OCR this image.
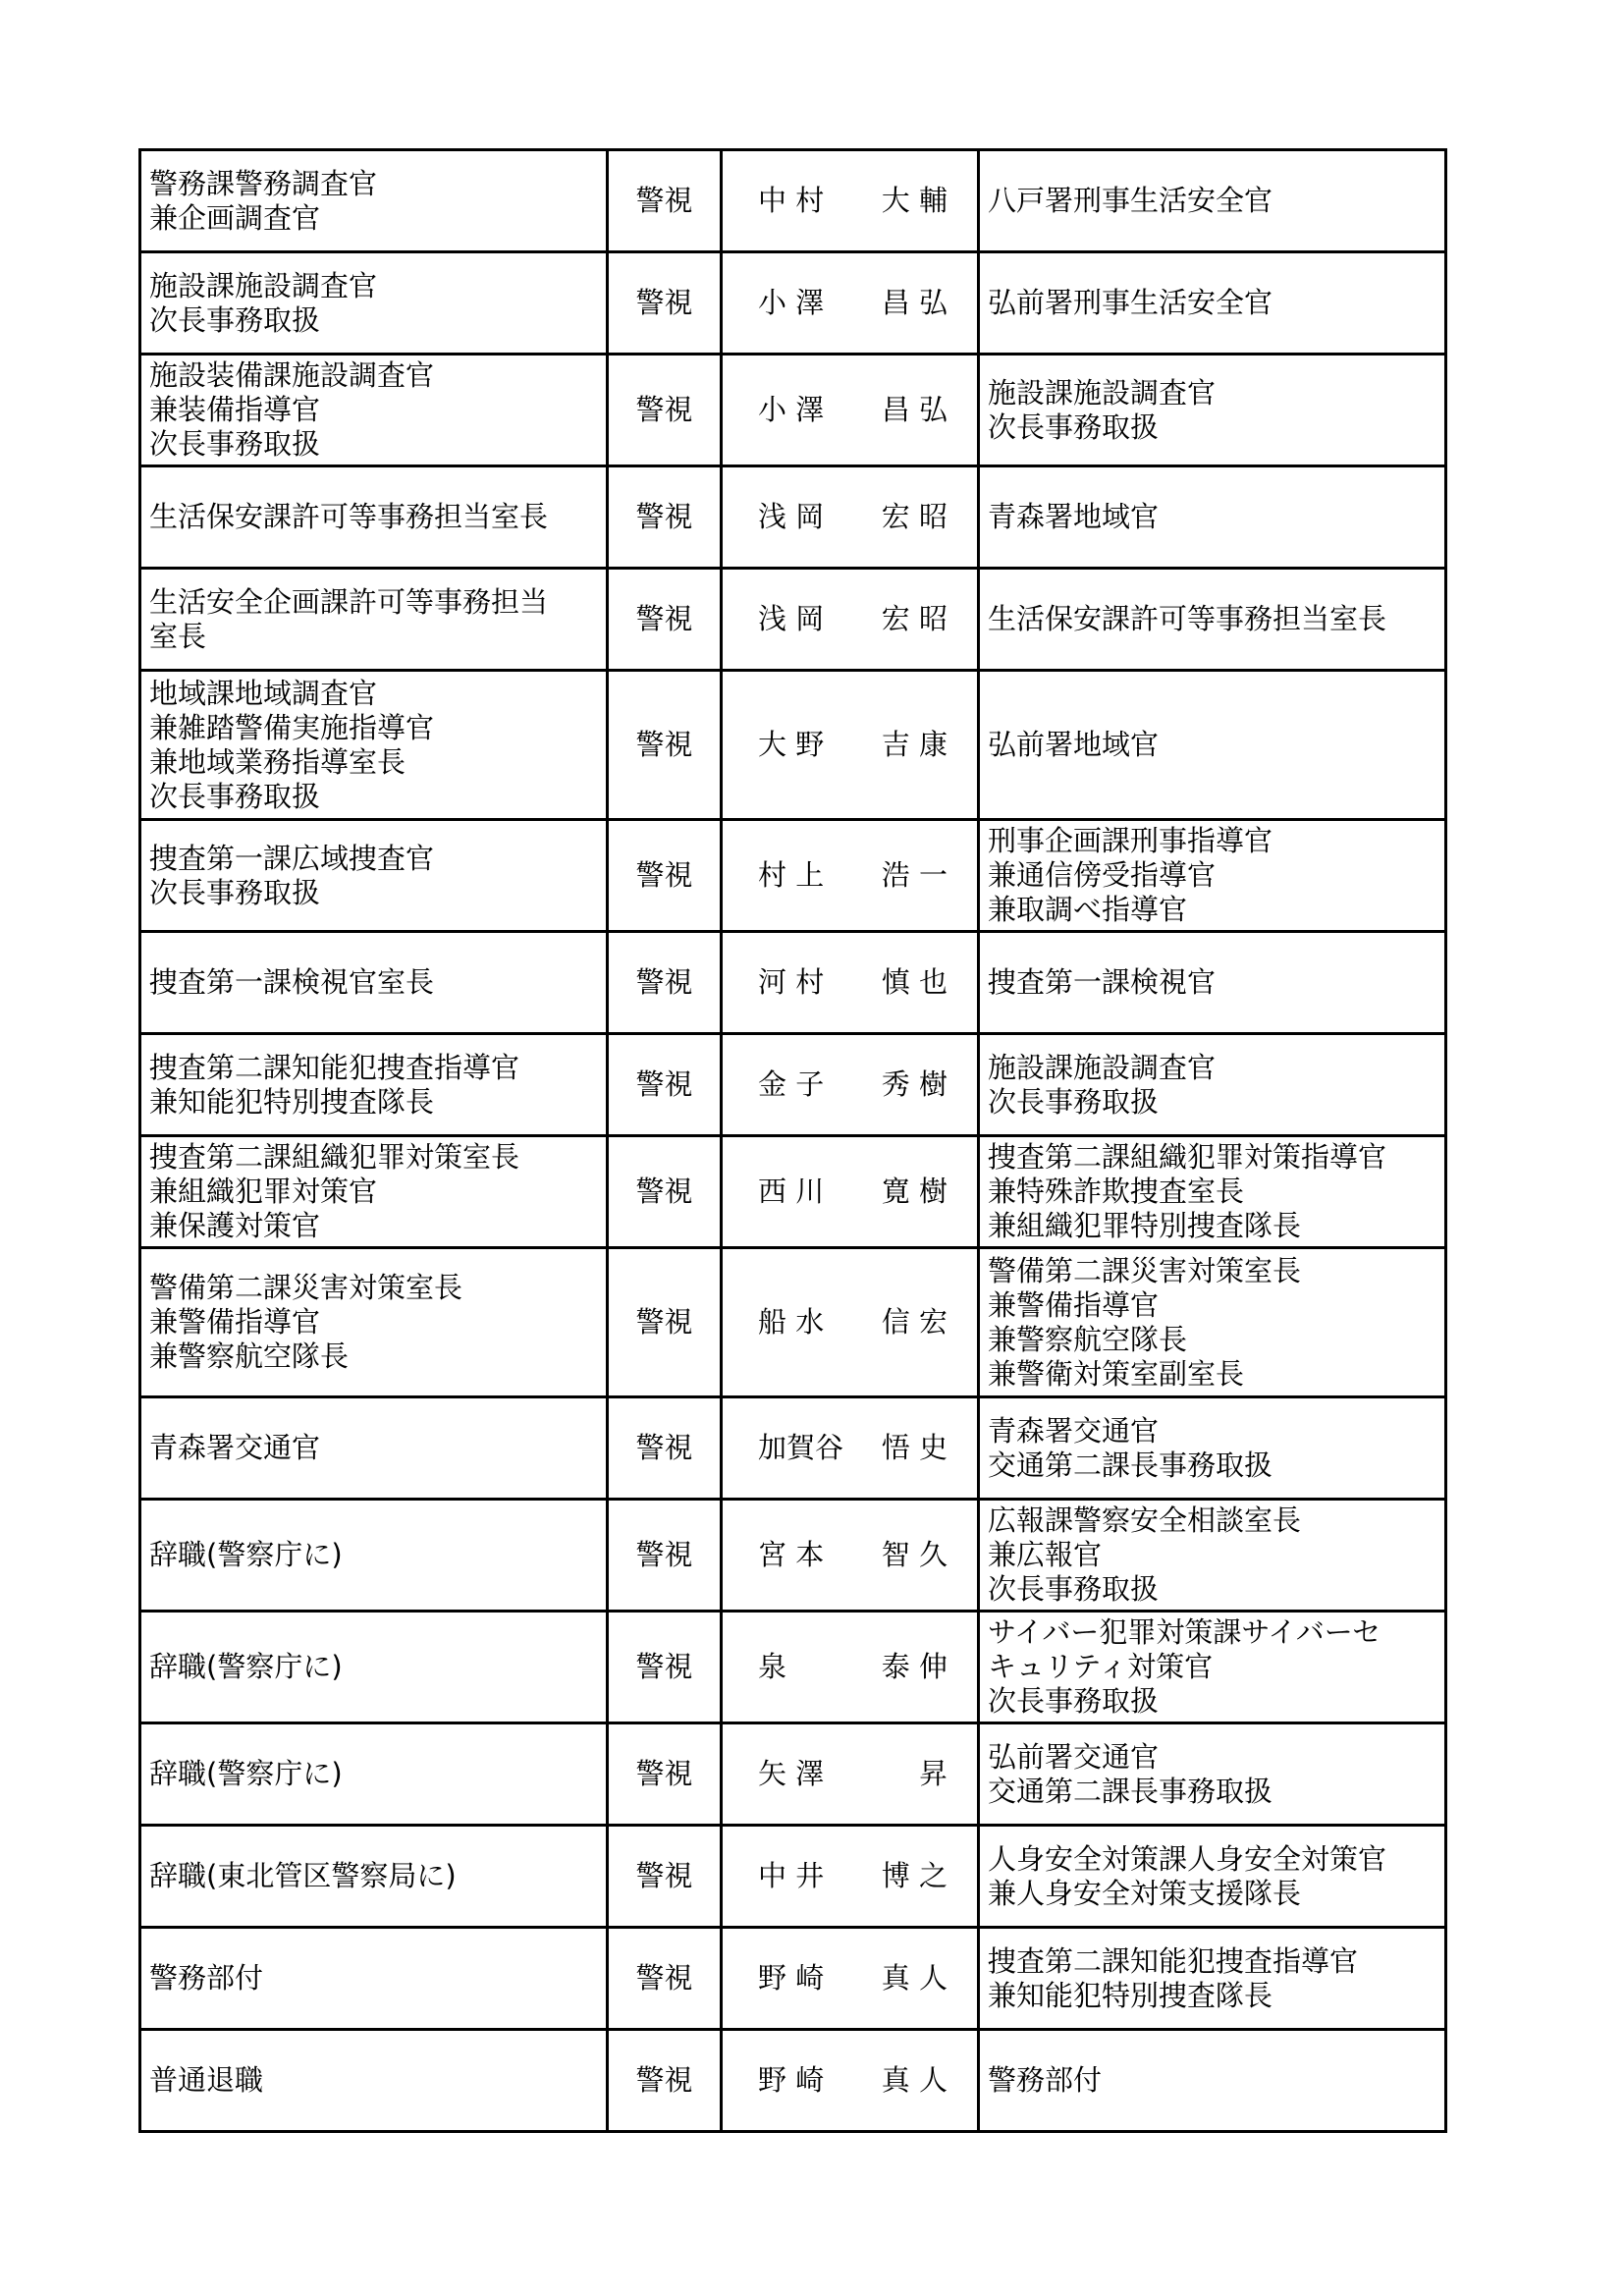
警務課警務調査官
兼企画調査官	警視	中 村 大 輔	八戸署刑事生活安全官

施設課施設調査官
次長事務取扱	警視	小 澤 昌 弘	弘前署刑事生活安全官

施設装備課施設調査官
兼装備指導官
次長事務取扱	警視	小 澤 昌 弘	施設課施設調査官
次長事務取扱

生活保安課許可等事務担当室長	警視	浅 岡 宏 昭	青森署地域官

生活安全企画課許可等事務担当
室長	警視	浅 岡 宏 昭	生活保安課許可等事務担当室長

地域課地域調査官
兼雑踏警備実施指導官
兼地域業務指導室長
次長事務取扱	警視	大 野 吉 康	弘前署地域官

捜査第一課広域捜査官
次長事務取扱	警視	村 上 浩 一	刑事企画課刑事指導官
兼通信傍受指導官
兼取調べ指導官

捜査第一課検視官室長	警視	河 村 慎 也	捜査第一課検視官

捜査第二課知能犯捜査指導官
兼知能犯特別捜査隊長	警視	金 子 秀 樹	施設課施設調査官
次長事務取扱

捜査第二課組織犯罪対策室長
兼組織犯罪対策官
兼保護対策官	警視	西 川 寛 樹	捜査第二課組織犯罪対策指導官
兼特殊詐欺捜査室長
兼組織犯罪特別捜査隊長

警備第二課災害対策室長
兼警備指導官
兼警察航空隊長	警視	船 水 信 宏	警備第二課災害対策室長
兼警備指導官
兼警察航空隊長
兼警衛対策室副室長

青森署交通官	警視	加賀谷 悟 史	青森署交通官
交通第二課長事務取扱

辞職(警察庁に)	警視	宮 本 智 久	広報課警察安全相談室長
兼広報官
次長事務取扱

辞職(警察庁に)	警視	泉 泰 伸	サイバー犯罪対策課サイバーセ
キュリティ対策官
次長事務取扱

辞職(警察庁に)	警視	矢 澤 昇	弘前署交通官
交通第二課長事務取扱

辞職(東北管区警察局に)	警視	中 井 博 之	人身安全対策課人身安全対策官
兼人身安全対策支援隊長

警務部付	警視	野 崎 真 人	捜査第二課知能犯捜査指導官
兼知能犯特別捜査隊長

普通退職	警視	野 崎 真 人	警務部付
